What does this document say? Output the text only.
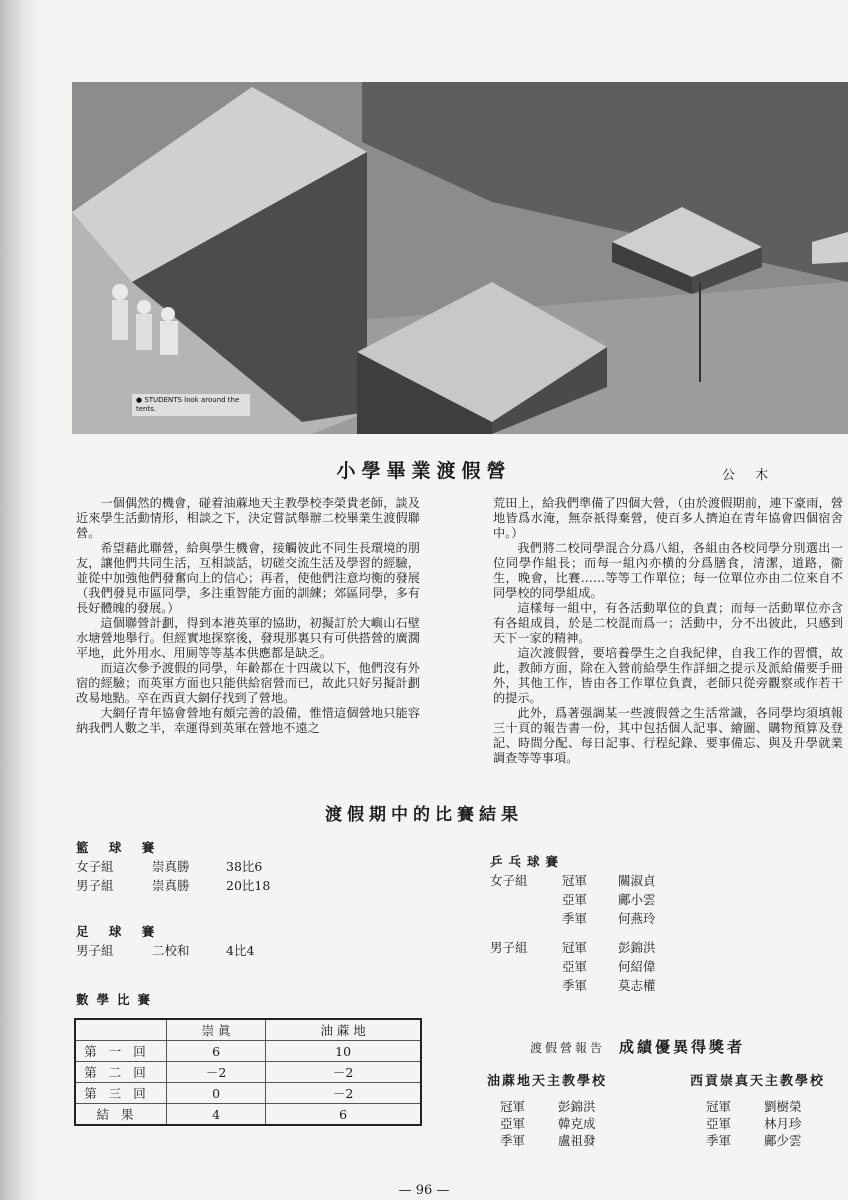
● STUDENTS look around the tents.
小學畢業渡假營	公 木

一個偶然的機會，碰着油蔴地天主教學校李榮貴老師，談及近來學生活動情形，相談之下，決定嘗試舉辦二校畢業生渡假聯營。

希望藉此聯營，給與學生機會，接觸彼此不同生長環境的朋友，讓他們共同生活，互相談話，切磋交流生活及學習的經驗，並從中加強他們發奮向上的信心；再者，使他們注意均衡的發展（我們發見市區同學，多注重智能方面的訓練；郊區同學，多有長好體魄的發展。）

這個聯營計劃，得到本港英軍的協助，初擬訂於大嶼山石壁水塘營地舉行。但經實地探察後，發現那裏只有可供搭營的廣濶平地，此外用水、用厠等等基本供應都是缺乏。

而這次參予渡假的同學，年齡都在十四歲以下，他們沒有外宿的經驗；而英軍方面也只能供給宿營而已，故此只好另擬計劃改易地點。卒在西貢大網仔找到了營地。

大網仔青年協會營地有頗完善的設備，惟惜這個營地只能容納我們人數之半，幸運得到英軍在營地不遠之

荒田上，給我們準備了四個大營，（由於渡假期前，連下豪雨，營地皆爲水淹，無奈祇得棄營，使百多人擠迫在青年協會四個宿舍中。）

我們將二校同學混合分爲八組，各組由各校同學分別選出一位同學作組長；而每一組內亦横的分爲膳食，清潔，道路，衞生，晚會，比賽……等等工作單位；每一位單位亦由二位來自不同學校的同學組成。

這樣每一組中，有各活動單位的負責；而每一活動單位亦含有各組成員，於是二校混而爲一；活動中，分不出彼此，只感到天下一家的精神。

這次渡假營，要培養學生之自我紀律，自我工作的習慣，故此，教師方面，除在入營前給學生作詳細之提示及派給備要手冊外，其他工作，皆由各工作單位負責，老師只從旁觀察或作若干的提示。

此外，爲著强調某一些渡假營之生活常識，各同學均須填報三十頁的報告書一份，其中包括個人記事、繪圖、購物預算及登記、時間分配、每日記事、行程紀錄、要事備忘、與及升學就業調查等等事項。

渡假期中的比賽結果
籃 球 賽
女子組	崇真勝	38比6
男子組	崇真勝	20比18
足 球 賽
男子組	二校和	4比4
數學比賽
	崇 眞	油 蔴 地
第一回	6	10
第二回	－2	－2
第三回	0	－2
結果	4	6
乒乓球賽
女子組	冠軍	關淑貞
亞軍	鄺小雲
季軍	何燕玲
男子組	冠軍	彭錦洪
亞軍	何紹偉
季軍	莫志權
渡假營報告 成績優異得獎者
油蔴地天主教學校	西貢崇真天主教學校
冠軍	彭錦洪
亞軍	韓克成
季軍	盧祖發
冠軍	劉樹榮
亞軍	林月珍
季軍	鄺少雲
— 96 —
